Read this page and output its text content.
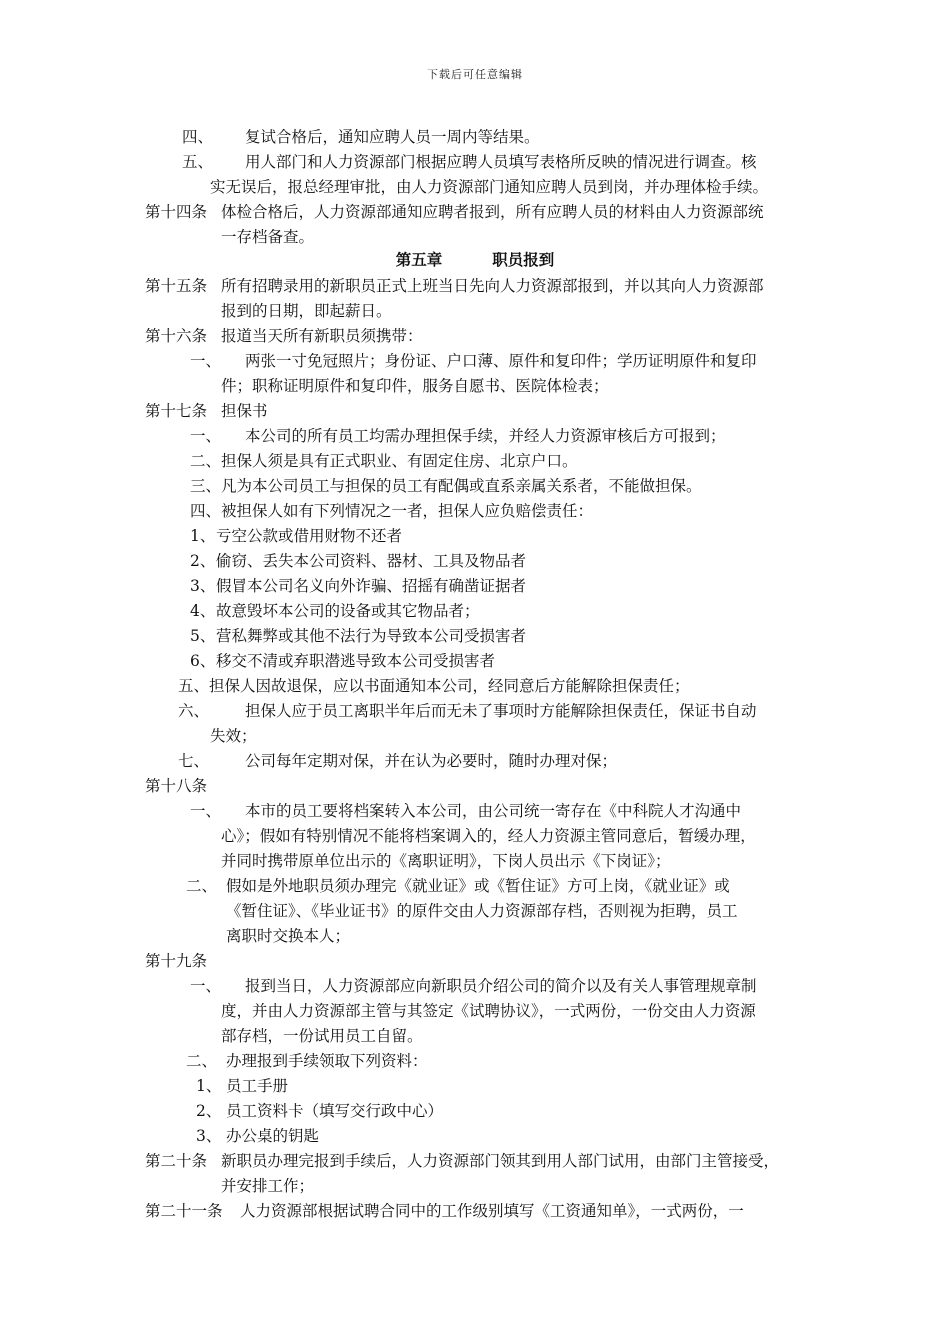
下载后可任意编辑
第五章	职员报到
四、 复试合格后，通知应聘人员一周内等结果。
五、 用人部门和人力资源部门根据应聘人员填写表格所反映的情况进行调查。核
实无误后，报总经理审批，由人力资源部门通知应聘人员到岗，并办理体检手续。
第十四条 体检合格后，人力资源部通知应聘者报到，所有应聘人员的材料由人力资源部统
一存档备查。
第十五条 所有招聘录用的新职员正式上班当日先向人力资源部报到，并以其向人力资源部
报到的日期，即起薪日。
第十六条 报道当天所有新职员须携带：
一、 两张一寸免冠照片；身份证、户口薄、原件和复印件；学历证明原件和复印
件；职称证明原件和复印件，服务自愿书、医院体检表；
第十七条 担保书
一、 本公司的所有员工均需办理担保手续，并经人力资源审核后方可报到；
二、担保人须是具有正式职业、有固定住房、北京户口。
三、凡为本公司员工与担保的员工有配偶或直系亲属关系者，不能做担保。
四、被担保人如有下列情况之一者，担保人应负赔偿责任：
1、 亏空公款或借用财物不还者
2、 偷窃、丢失本公司资料、器材、工具及物品者
3、 假冒本公司名义向外诈骗、招摇有确凿证据者
4、 故意毁坏本公司的设备或其它物品者；
5、 营私舞弊或其他不法行为导致本公司受损害者
6、 移交不清或弃职潜逃导致本公司受损害者
五、担保人因故退保，应以书面通知本公司，经同意后方能解除担保责任；
六、 担保人应于员工离职半年后而无未了事项时方能解除担保责任，保证书自动
失效；
七、 公司每年定期对保，并在认为必要时，随时办理对保；
第十八条
一、 本市的员工要将档案转入本公司，由公司统一寄存在《中科院人才沟通中
心》；假如有特别情况不能将档案调入的，经人力资源主管同意后，暂缓办理，
并同时携带原单位出示的《离职证明》，下岗人员出示《下岗证》；
二、 假如是外地职员须办理完《就业证》或《暂住证》方可上岗，《就业证》或
《暂住证》、《毕业证书》的原件交由人力资源部存档，否则视为拒聘，员工
离职时交换本人；
第十九条
一、 报到当日，人力资源部应向新职员介绍公司的简介以及有关人事管理规章制
度，并由人力资源部主管与其签定《试聘协议》，一式两份，一份交由人力资源
部存档，一份试用员工自留。
二、 办理报到手续领取下列资料：
1、 员工手册
2、 员工资料卡（填写交行政中心）
3、 办公桌的钥匙
第二十条 新职员办理完报到手续后，人力资源部门领其到用人部门试用，由部门主管接受，
并安排工作；
第二十一条 人力资源部根据试聘合同中的工作级别填写《工资通知单》，一式两份，一
